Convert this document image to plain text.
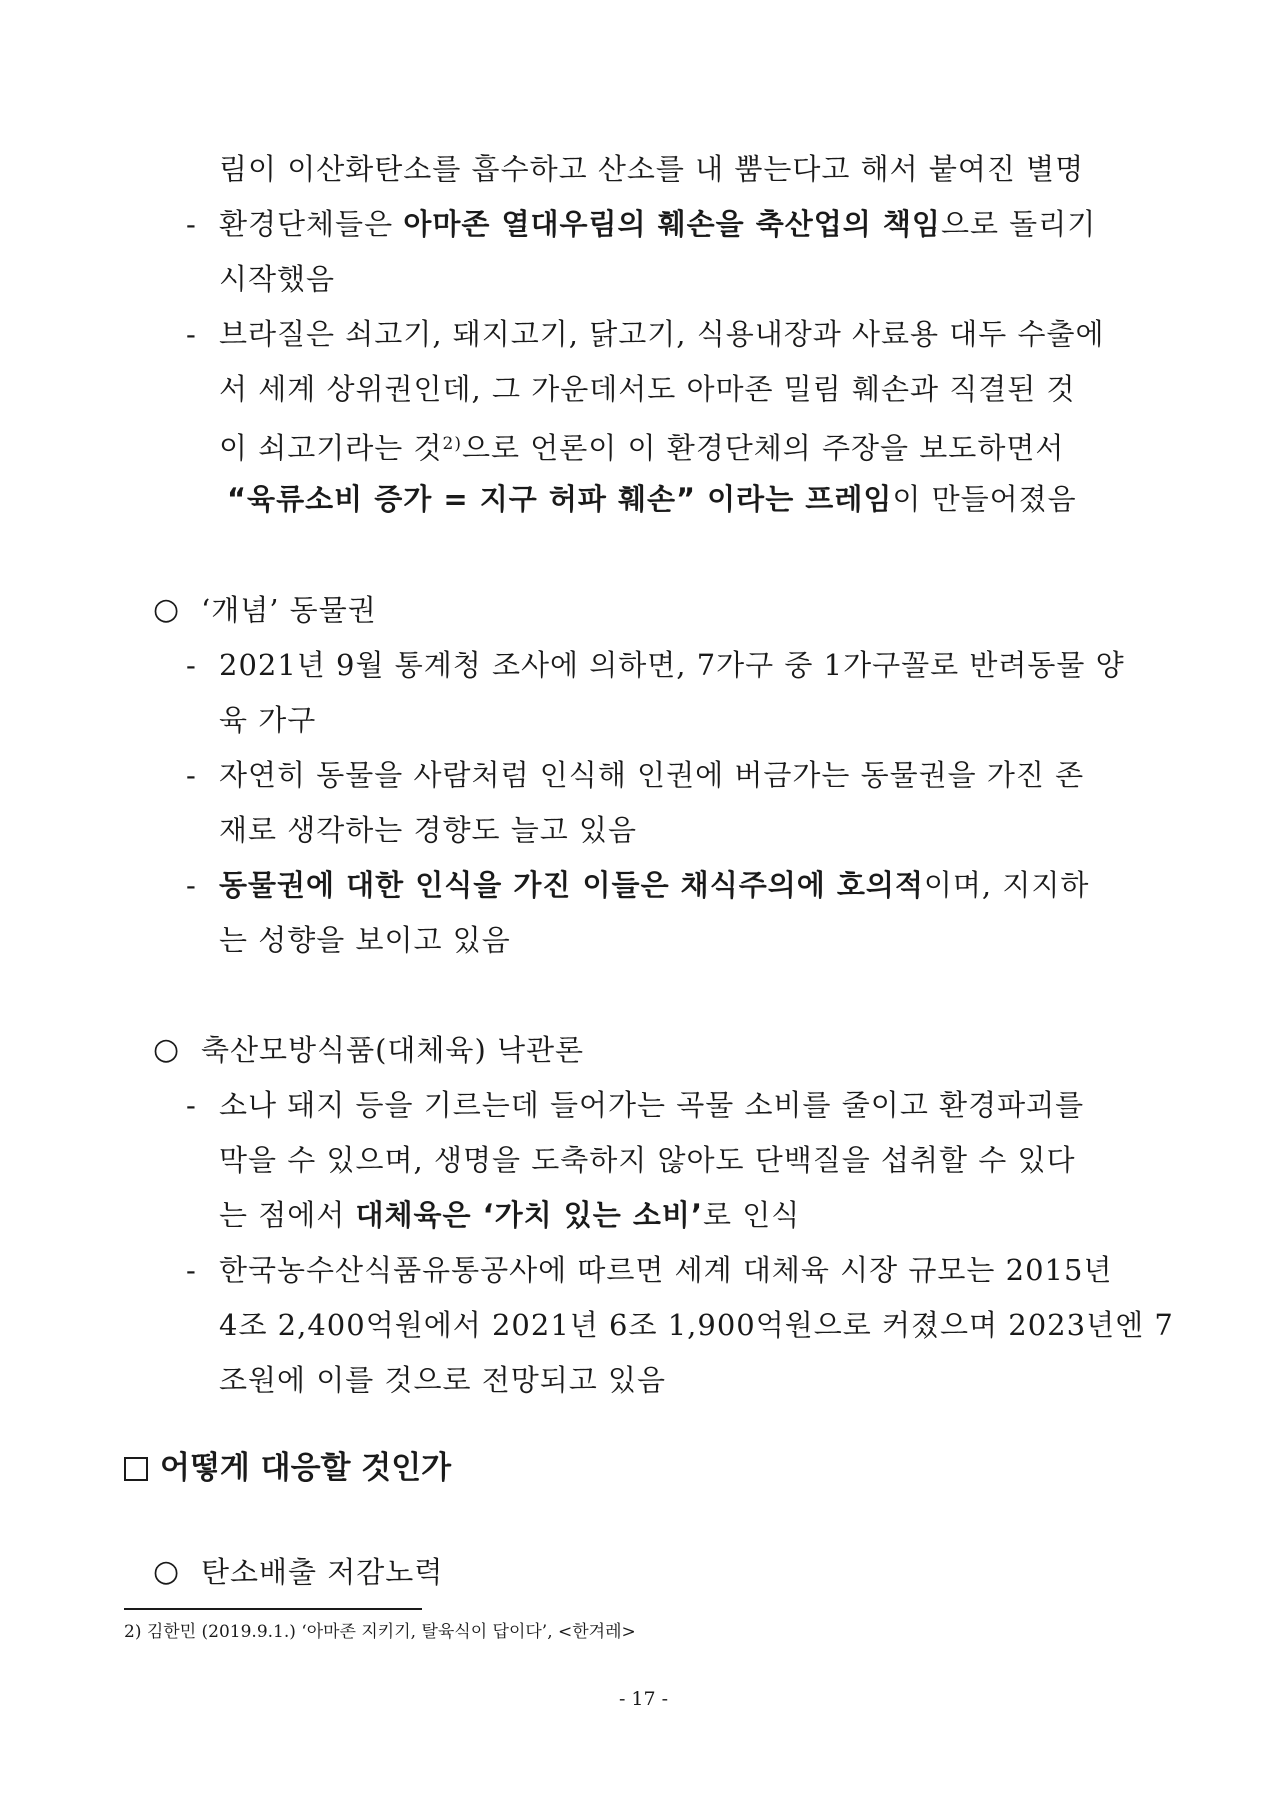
림이 이산화탄소를 흡수하고 산소를 내 뿜는다고 해서 붙여진 별명
- 환경단체들은 아마존 열대우림의 훼손을 축산업의 책임으로 돌리기
시작했음
- 브라질은 쇠고기, 돼지고기, 닭고기, 식용내장과 사료용 대두 수출에
서 세계 상위권인데, 그 가운데서도 아마존 밀림 훼손과 직결된 것
이 쇠고기라는 것$^{2)}$으로 언론이 이 환경단체의 주장을 보도하면서
“육류소비 증가 = 지구 허파 훼손” 이라는 프레임이 만들어졌음
○ ‘개념’ 동물권
- 2021년 9월 통계청 조사에 의하면, 7가구 중 1가구꼴로 반려동물 양
육 가구
- 자연히 동물을 사람처럼 인식해 인권에 버금가는 동물권을 가진 존
재로 생각하는 경향도 늘고 있음
- 동물권에 대한 인식을 가진 이들은 채식주의에 호의적이며, 지지하
는 성향을 보이고 있음
○ 축산모방식품(대체육) 낙관론
- 소나 돼지 등을 기르는데 들어가는 곡물 소비를 줄이고 환경파괴를
막을 수 있으며, 생명을 도축하지 않아도 단백질을 섭취할 수 있다
는 점에서 대체육은 ‘가치 있는 소비’로 인식
- 한국농수산식품유통공사에 따르면 세계 대체육 시장 규모는 2015년
4조 2,400억원에서 2021년 6조 1,900억원으로 커졌으며 2023년엔 7
조원에 이를 것으로 전망되고 있음
어떻게 대응할 것인가
○ 탄소배출 저감노력
2) 김한민 (2019.9.1.) ‘아마존 지키기, 탈육식이 답이다’, <한겨레>
- 17 -
